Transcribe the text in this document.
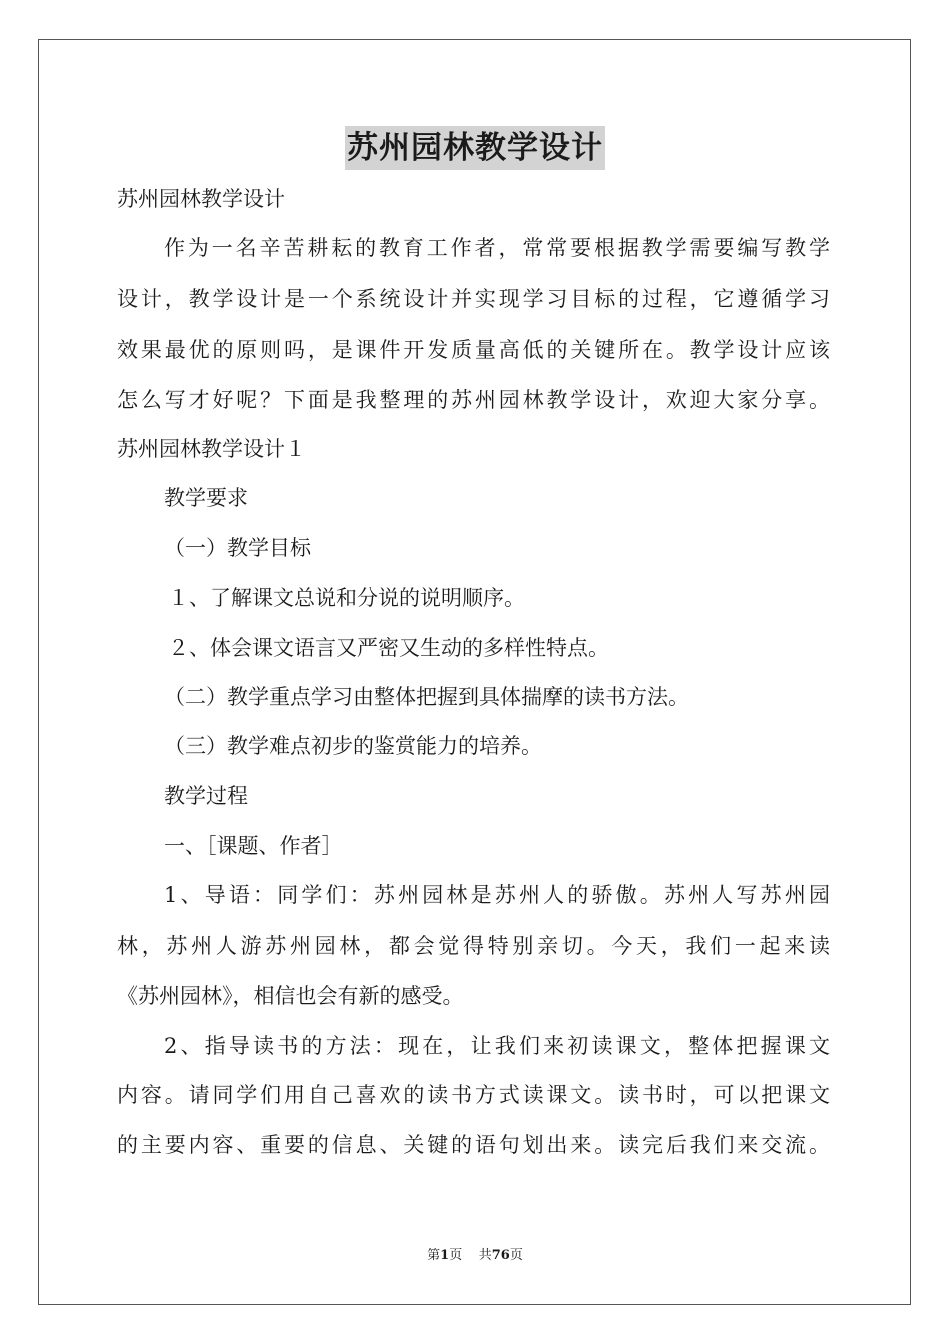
苏州园林教学设计
苏州园林教学设计
作为一名辛苦耕耘的教育工作者，常常要根据教学需要编写教学
设计，教学设计是一个系统设计并实现学习目标的过程，它遵循学习
效果最优的原则吗，是课件开发质量高低的关键所在。教学设计应该
怎么写才好呢？下面是我整理的苏州园林教学设计，欢迎大家分享。
苏州园林教学设计１
教学要求
（一）教学目标
１、了解课文总说和分说的说明顺序。
２、体会课文语言又严密又生动的多样性特点。
（二）教学重点学习由整体把握到具体揣摩的读书方法。
（三）教学难点初步的鉴赏能力的培养。
教学过程
一、［课题、作者］
1、导语：同学们：苏州园林是苏州人的骄傲。苏州人写苏州园
林，苏州人游苏州园林，都会觉得特别亲切。今天，我们一起来读
《苏州园林》，相信也会有新的感受。
2、指导读书的方法：现在，让我们来初读课文，整体把握课文
内容。请同学们用自己喜欢的读书方式读课文。读书时，可以把课文
的主要内容、重要的信息、关键的语句划出来。读完后我们来交流。
第1页 共76页
